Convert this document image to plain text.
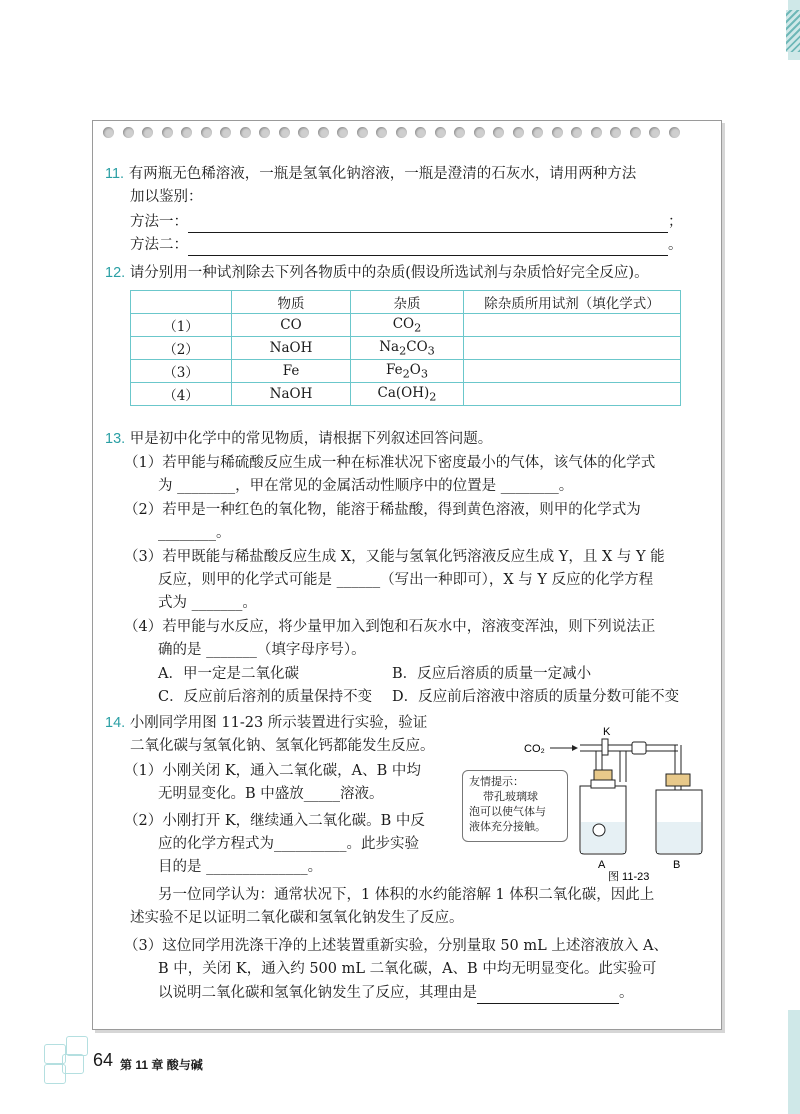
11. 有两瓶无色稀溶液，一瓶是氢氧化钠溶液，一瓶是澄清的石灰水，请用两种方法
加以鉴别：
方法一：	；
方法二：	。
12. 请分别用一种试剂除去下列各物质中的杂质(假设所选试剂与杂质恰好完全反应)。
	物质	杂质	除杂质所用试剂（填化学式）
（1）	CO	$CO_2$	
（2）	NaOH	$Na_2CO_3$	
（3）	Fe	$Fe_2O_3$	
（4）	NaOH	$Ca(OH)_2$	
13. 甲是初中化学中的常见物质，请根据下列叙述回答问题。
（1）若甲能与稀硫酸反应生成一种在标准状况下密度最小的气体，该气体的化学式
为 ________，甲在常见的金属活动性顺序中的位置是 ________。
（2）若甲是一种红色的氧化物，能溶于稀盐酸，得到黄色溶液，则甲的化学式为
________。
（3）若甲既能与稀盐酸反应生成 X，又能与氢氧化钙溶液反应生成 Y，且 X 与 Y 能
反应，则甲的化学式可能是 ______（写出一种即可），X 与 Y 反应的化学方程
式为 _______。
（4）若甲能与水反应，将少量甲加入到饱和石灰水中，溶液变浑浊，则下列说法正
确的是 _______（填字母序号）。
A．甲一定是二氧化碳	B．反应后溶质的质量一定减小
C．反应前后溶剂的质量保持不变 D．反应前后溶液中溶质的质量分数可能不变
14. 小刚同学用图 11-23 所示装置进行实验，验证
二氧化碳与氢氧化钠、氢氧化钙都能发生反应。
（1）小刚关闭 K，通入二氧化碳，A、B 中均
无明显变化。B 中盛放_____溶液。
（2）小刚打开 K，继续通入二氧化碳。B 中反
应的化学方程式为__________。此步实验
目的是 ______________。
另一位同学认为：通常状况下，1 体积的水约能溶解 1 体积二氧化碳，因此上
述实验不足以证明二氧化碳和氢氧化钠发生了反应。
（3）这位同学用洗涤干净的上述装置重新实验，分别量取 50 mL 上述溶液放入 A、
B 中，关闭 K，通入约 500 mL 二氧化碳，A、B 中均无明显变化。此实验可
以说明二氧化碳和氢氧化钠发生了反应，其理由是	。
友情提示：
带孔玻璃球
泡可以使气体与
液体充分接触。
CO₂
K
A	B
图 11-23
64 第 11 章 酸与碱
